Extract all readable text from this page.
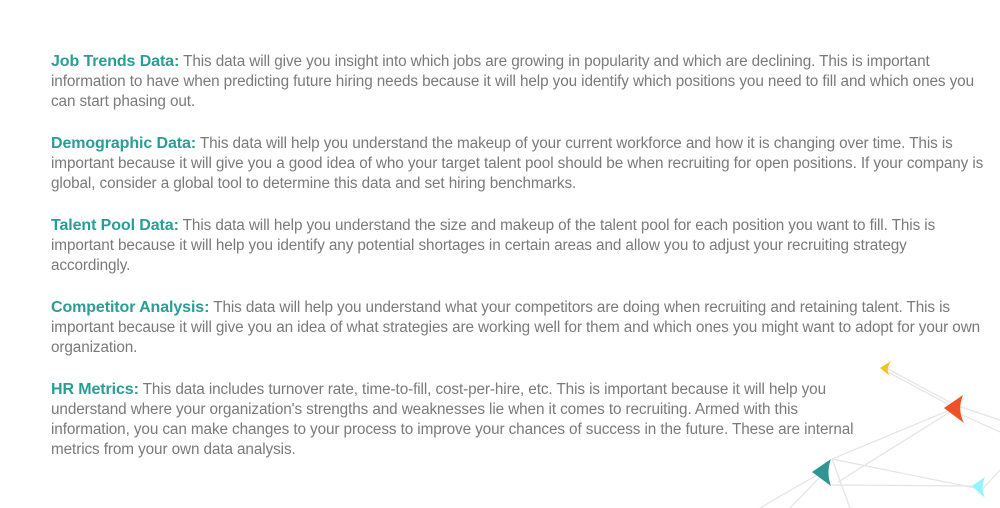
Job Trends Data: This data will give you insight into which jobs are growing in popularity and which are declining. This is important information to have when predicting future hiring needs because it will help you identify which positions you need to fill and which ones you can start phasing out.

Demographic Data: This data will help you understand the makeup of your current workforce and how it is changing over time. This is important because it will give you a good idea of who your target talent pool should be when recruiting for open positions. If your company is global, consider a global tool to determine this data and set hiring benchmarks.

Talent Pool Data: This data will help you understand the size and makeup of the talent pool for each position you want to fill. This is important because it will help you identify any potential shortages in certain areas and allow you to adjust your recruiting strategy accordingly.

Competitor Analysis: This data will help you understand what your competitors are doing when recruiting and retaining talent. This is important because it will give you an idea of what strategies are working well for them and which ones you might want to adopt for your own organization.

HR Metrics: This data includes turnover rate, time-to-fill, cost-per-hire, etc. This is important because it will help you understand where your organization's strengths and weaknesses lie when it comes to recruiting. Armed with this information, you can make changes to your process to improve your chances of success in the future. These are internal metrics from your own data analysis.
